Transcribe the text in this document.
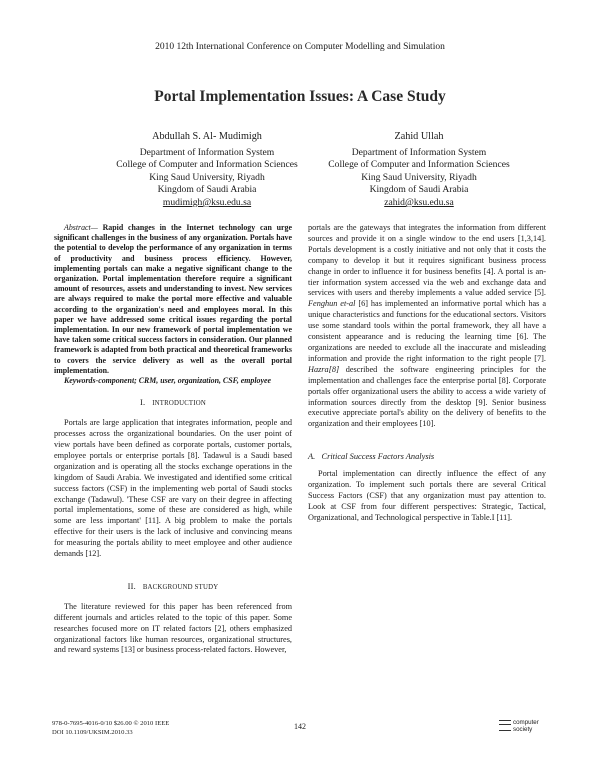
2010 12th International Conference on Computer Modelling and Simulation
Portal Implementation Issues: A Case Study
Abdullah S. Al- Mudimigh
Department of Information System
College of Computer and Information Sciences
King Saud University, Riyadh
Kingdom of Saudi Arabia
mudimigh@ksu.edu.sa
Zahid Ullah
Department of Information System
College of Computer and Information Sciences
King Saud University, Riyadh
Kingdom of Saudi Arabia
zahid@ksu.edu.sa

Abstract— Rapid changes in the Internet technology can urge significant challenges in the business of any organization. Portals have the potential to develop the performance of any organization in terms of productivity and business process efficiency. However, implementing portals can make a negative significant change to the organization. Portal implementation therefore require a significant amount of resources, assets and understanding to invest. New services are always required to make the portal more effective and valuable according to the organization's need and employees moral. In this paper we have addressed some critical issues regarding the portal implementation. In our new framework of portal implementation we have taken some critical success factors in consideration. Our planned framework is adapted from both practical and theoretical frameworks to covers the service delivery as well as the overall portal implementation.

Keywords-component; CRM, user, organization, CSF, employee

I. INTRODUCTION

Portals are large application that integrates information, people and processes across the organizational boundaries. On the user point of view portals have been defined as corporate portals, customer portals, employee portals or enterprise portals [8]. Tadawul is a Saudi based organization and is operating all the stocks exchange operations in the kingdom of Saudi Arabia. We investigated and identified some critical success factors (CSF) in the implementing web portal of Saudi stocks exchange (Tadawul). 'These CSF are vary on their degree in affecting portal implementations, some of these are considered as high, while some are less important' [11]. A big problem to make the portals effective for their users is the lack of inclusive and convincing means for measuring the portals ability to meet employee and other audience demands [12].

II. BACKGROUND STUDY

The literature reviewed for this paper has been referenced from different journals and articles related to the topic of this paper. Some researches focused more on IT related factors [2], others emphasized organizational factors like human resources, organizational structures, and reward systems [13] or business process-related factors. However,

portals are the gateways that integrates the information from different sources and provide it on a single window to the end users [1,3,14]. Portals development is a costly initiative and not only that it costs the company to develop it but it requires significant business process change in order to influence it for business benefits [4]. A portal is an-tier information system accessed via the web and exchange data and services with users and thereby implements a value added service [5]. Fenghun et-al [6] has implemented an informative portal which has a unique characteristics and functions for the educational sectors. Visitors use some standard tools within the portal framework, they all have a consistent appearance and is reducing the learning time [6]. The organizations are needed to exclude all the inaccurate and misleading information and provide the right information to the right people [7]. Hazra[8] described the software engineering principles for the implementation and challenges face the enterprise portal [8]. Corporate portals offer organizational users the ability to access a wide variety of information sources directly from the desktop [9]. Senior business executive appreciate portal's ability on the delivery of benefits to the organization and their employees [10].

A. Critical Success Factors Analysis

Portal implementation can directly influence the effect of any organization. To implement such portals there are several Critical Success Factors (CSF) that any organization must pay attention to. Look at CSF from four different perspectives: Strategic, Tactical, Organizational, and Technological perspective in Table.I [11].

978-0-7695-4016-0/10 $26.00 © 2010 IEEE
DOI 10.1109/UKSIM.2010.33
142	computer
society
